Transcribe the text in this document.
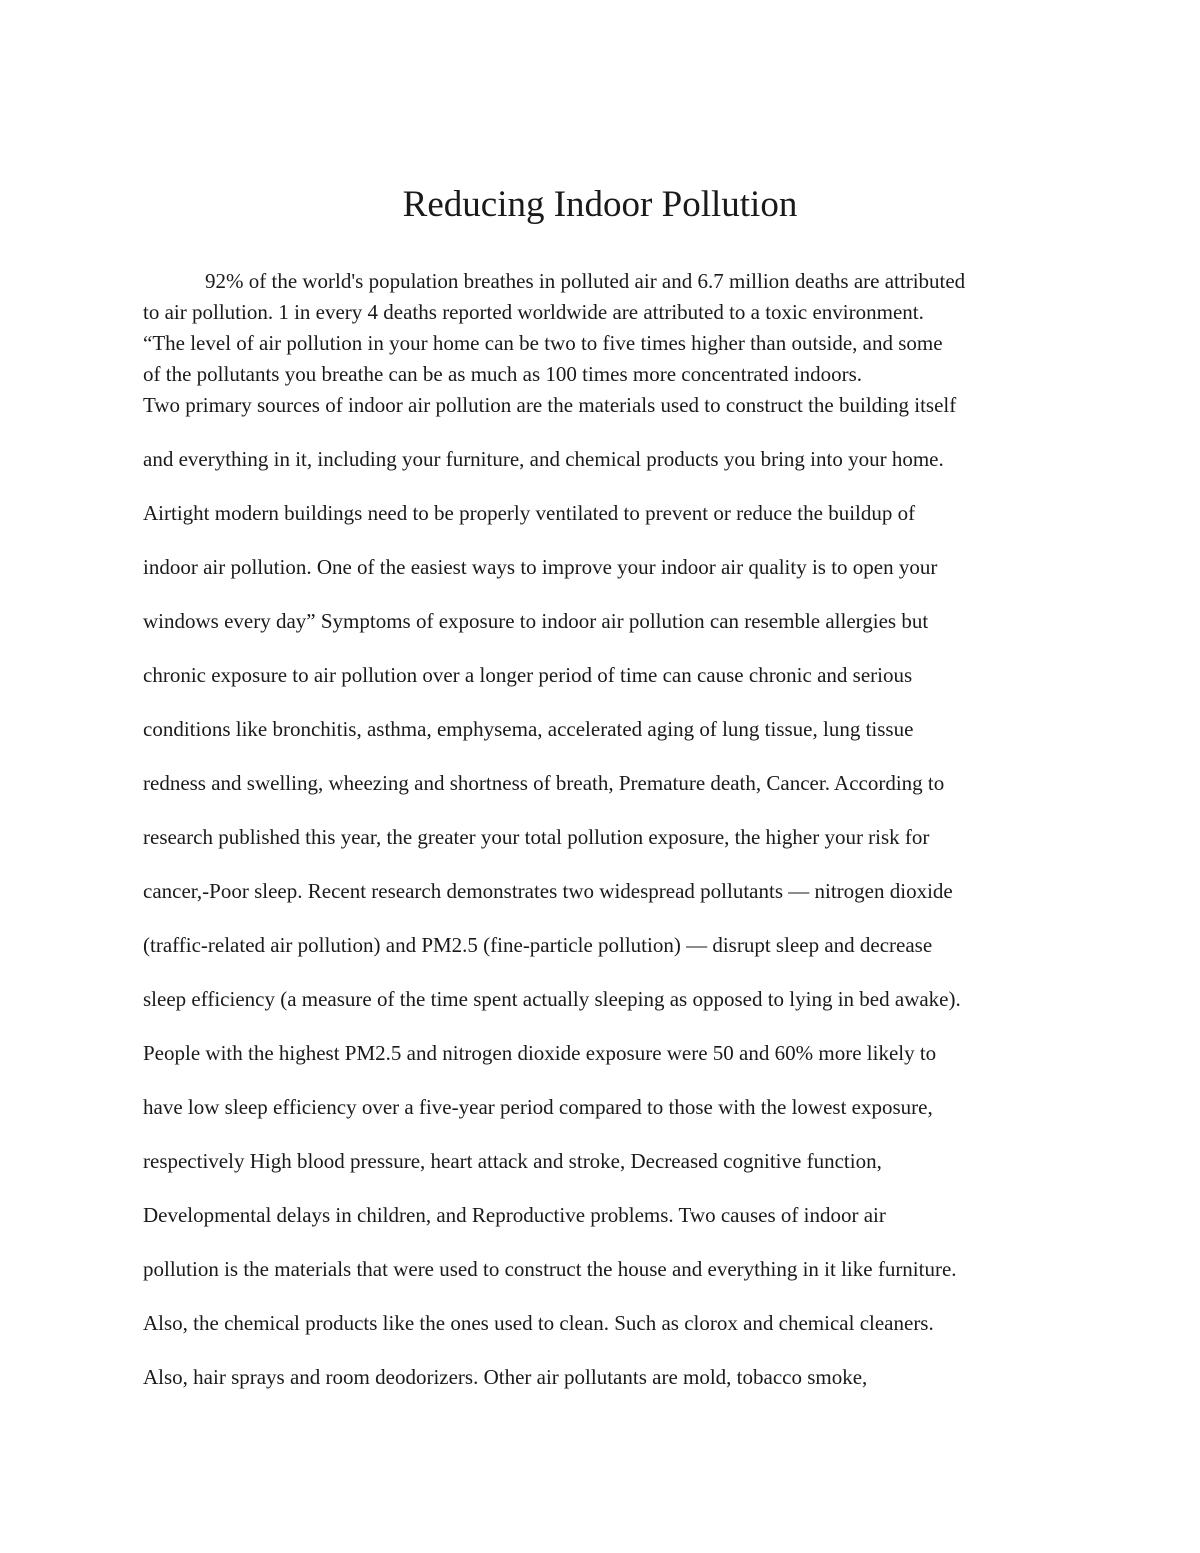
Reducing Indoor Pollution

92% of the world's population breathes in polluted air and 6.7 million deaths are attributed

to air pollution. 1 in every 4 deaths reported worldwide are attributed to a toxic environment.

“The level of air pollution in your home can be two to five times higher than outside, and some

of the pollutants you breathe can be as much as 100 times more concentrated indoors.

Two primary sources of indoor air pollution are the materials used to construct the building itself

and everything in it, including your furniture, and chemical products you bring into your home.

Airtight modern buildings need to be properly ventilated to prevent or reduce the buildup of

indoor air pollution. One of the easiest ways to improve your indoor air quality is to open your

windows every day” Symptoms of exposure to indoor air pollution can resemble allergies but

chronic exposure to air pollution over a longer period of time can cause chronic and serious

conditions like bronchitis, asthma, emphysema, accelerated aging of lung tissue, lung tissue

redness and swelling, wheezing and shortness of breath, Premature death, Cancer. According to

research published this year, the greater your total pollution exposure, the higher your risk for

cancer,-Poor sleep. Recent research demonstrates two widespread pollutants — nitrogen dioxide

(traffic-related air pollution) and PM2.5 (fine-particle pollution) — disrupt sleep and decrease

sleep efficiency (a measure of the time spent actually sleeping as opposed to lying in bed awake).

People with the highest PM2.5 and nitrogen dioxide exposure were 50 and 60% more likely to

have low sleep efficiency over a five-year period compared to those with the lowest exposure,

respectively High blood pressure, heart attack and stroke, Decreased cognitive function,

Developmental delays in children, and Reproductive problems. Two causes of indoor air

pollution is the materials that were used to construct the house and everything in it like furniture.

Also, the chemical products like the ones used to clean. Such as clorox and chemical cleaners.

Also, hair sprays and room deodorizers. Other air pollutants are mold, tobacco smoke,
